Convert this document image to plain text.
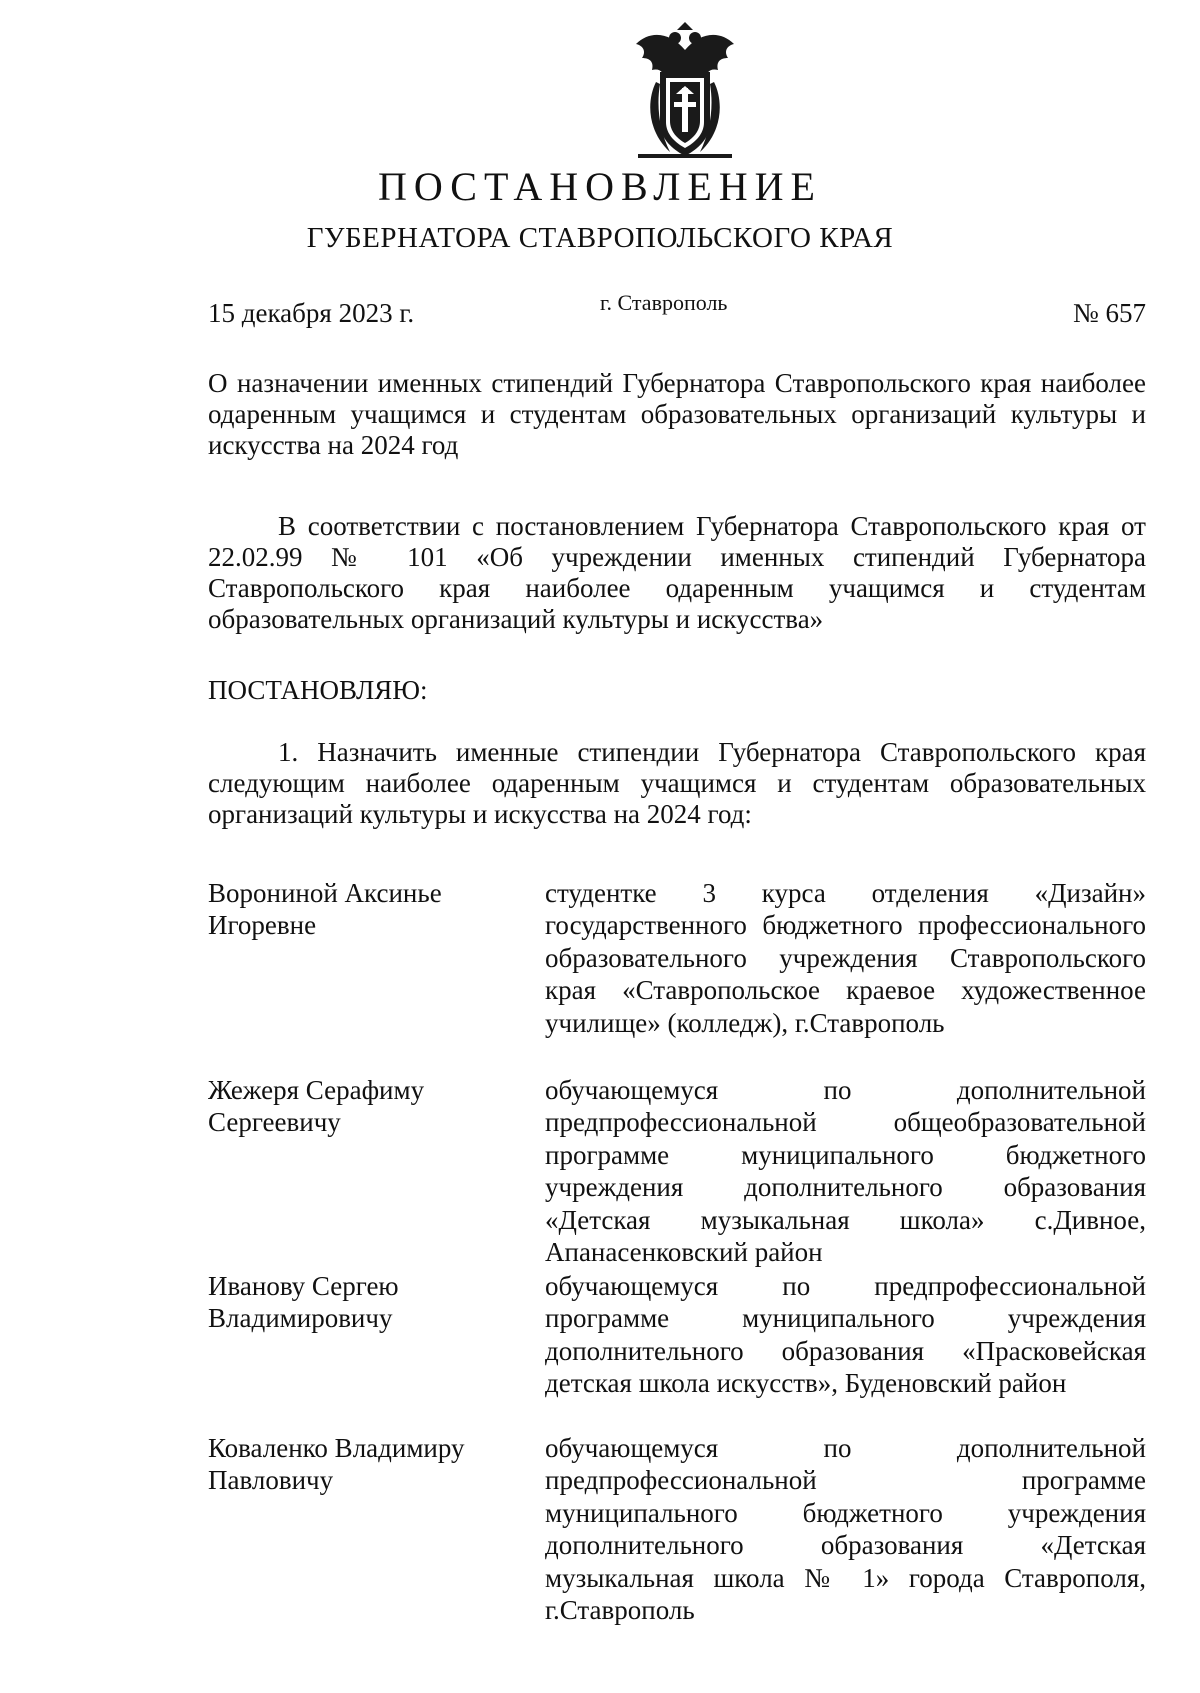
ПОСТАНОВЛЕНИЕ
ГУБЕРНАТОРА СТАВРОПОЛЬСКОГО КРАЯ
15 декабря 2023 г.	г. Ставрополь	№ 657
О назначении именных стипендий Губернатора Ставропольского края наиболее одаренным учащимся и студентам образовательных организаций культуры и искусства на 2024 год
В соответствии с постановлением Губернатора Ставропольского края от 22.02.99 № 101 «Об учреждении именных стипендий Губернатора Ставропольского края наиболее одаренным учащимся и студентам образовательных организаций культуры и искусства»
ПОСТАНОВЛЯЮ:
1. Назначить именные стипендии Губернатора Ставропольского края следующим наиболее одаренным учащимся и студентам образовательных организаций культуры и искусства на 2024 год:
Ворониной Аксинье Игоревне
студентке 3 курса отделения «Дизайн» государственного бюджетного профессионального образовательного учреждения Ставропольского края «Ставропольское краевое художественное училище» (колледж), г.Ставрополь
Жежеря Серафиму Сергеевичу
обучающемуся по дополнительной предпрофессиональной общеобразовательной программе муниципального бюджетного учреждения дополнительного образования «Детская музыкальная школа» с.Дивное, Апанасенковский район
Иванову Сергею Владимировичу
обучающемуся по предпрофессиональной программе муниципального учреждения дополнительного образования «Прасковейская детская школа искусств», Буденовский район
Коваленко Владимиру Павловичу
обучающемуся по дополнительной предпрофессиональной программе муниципального бюджетного учреждения дополнительного образования «Детская музыкальная школа № 1» города Ставрополя, г.Ставрополь
